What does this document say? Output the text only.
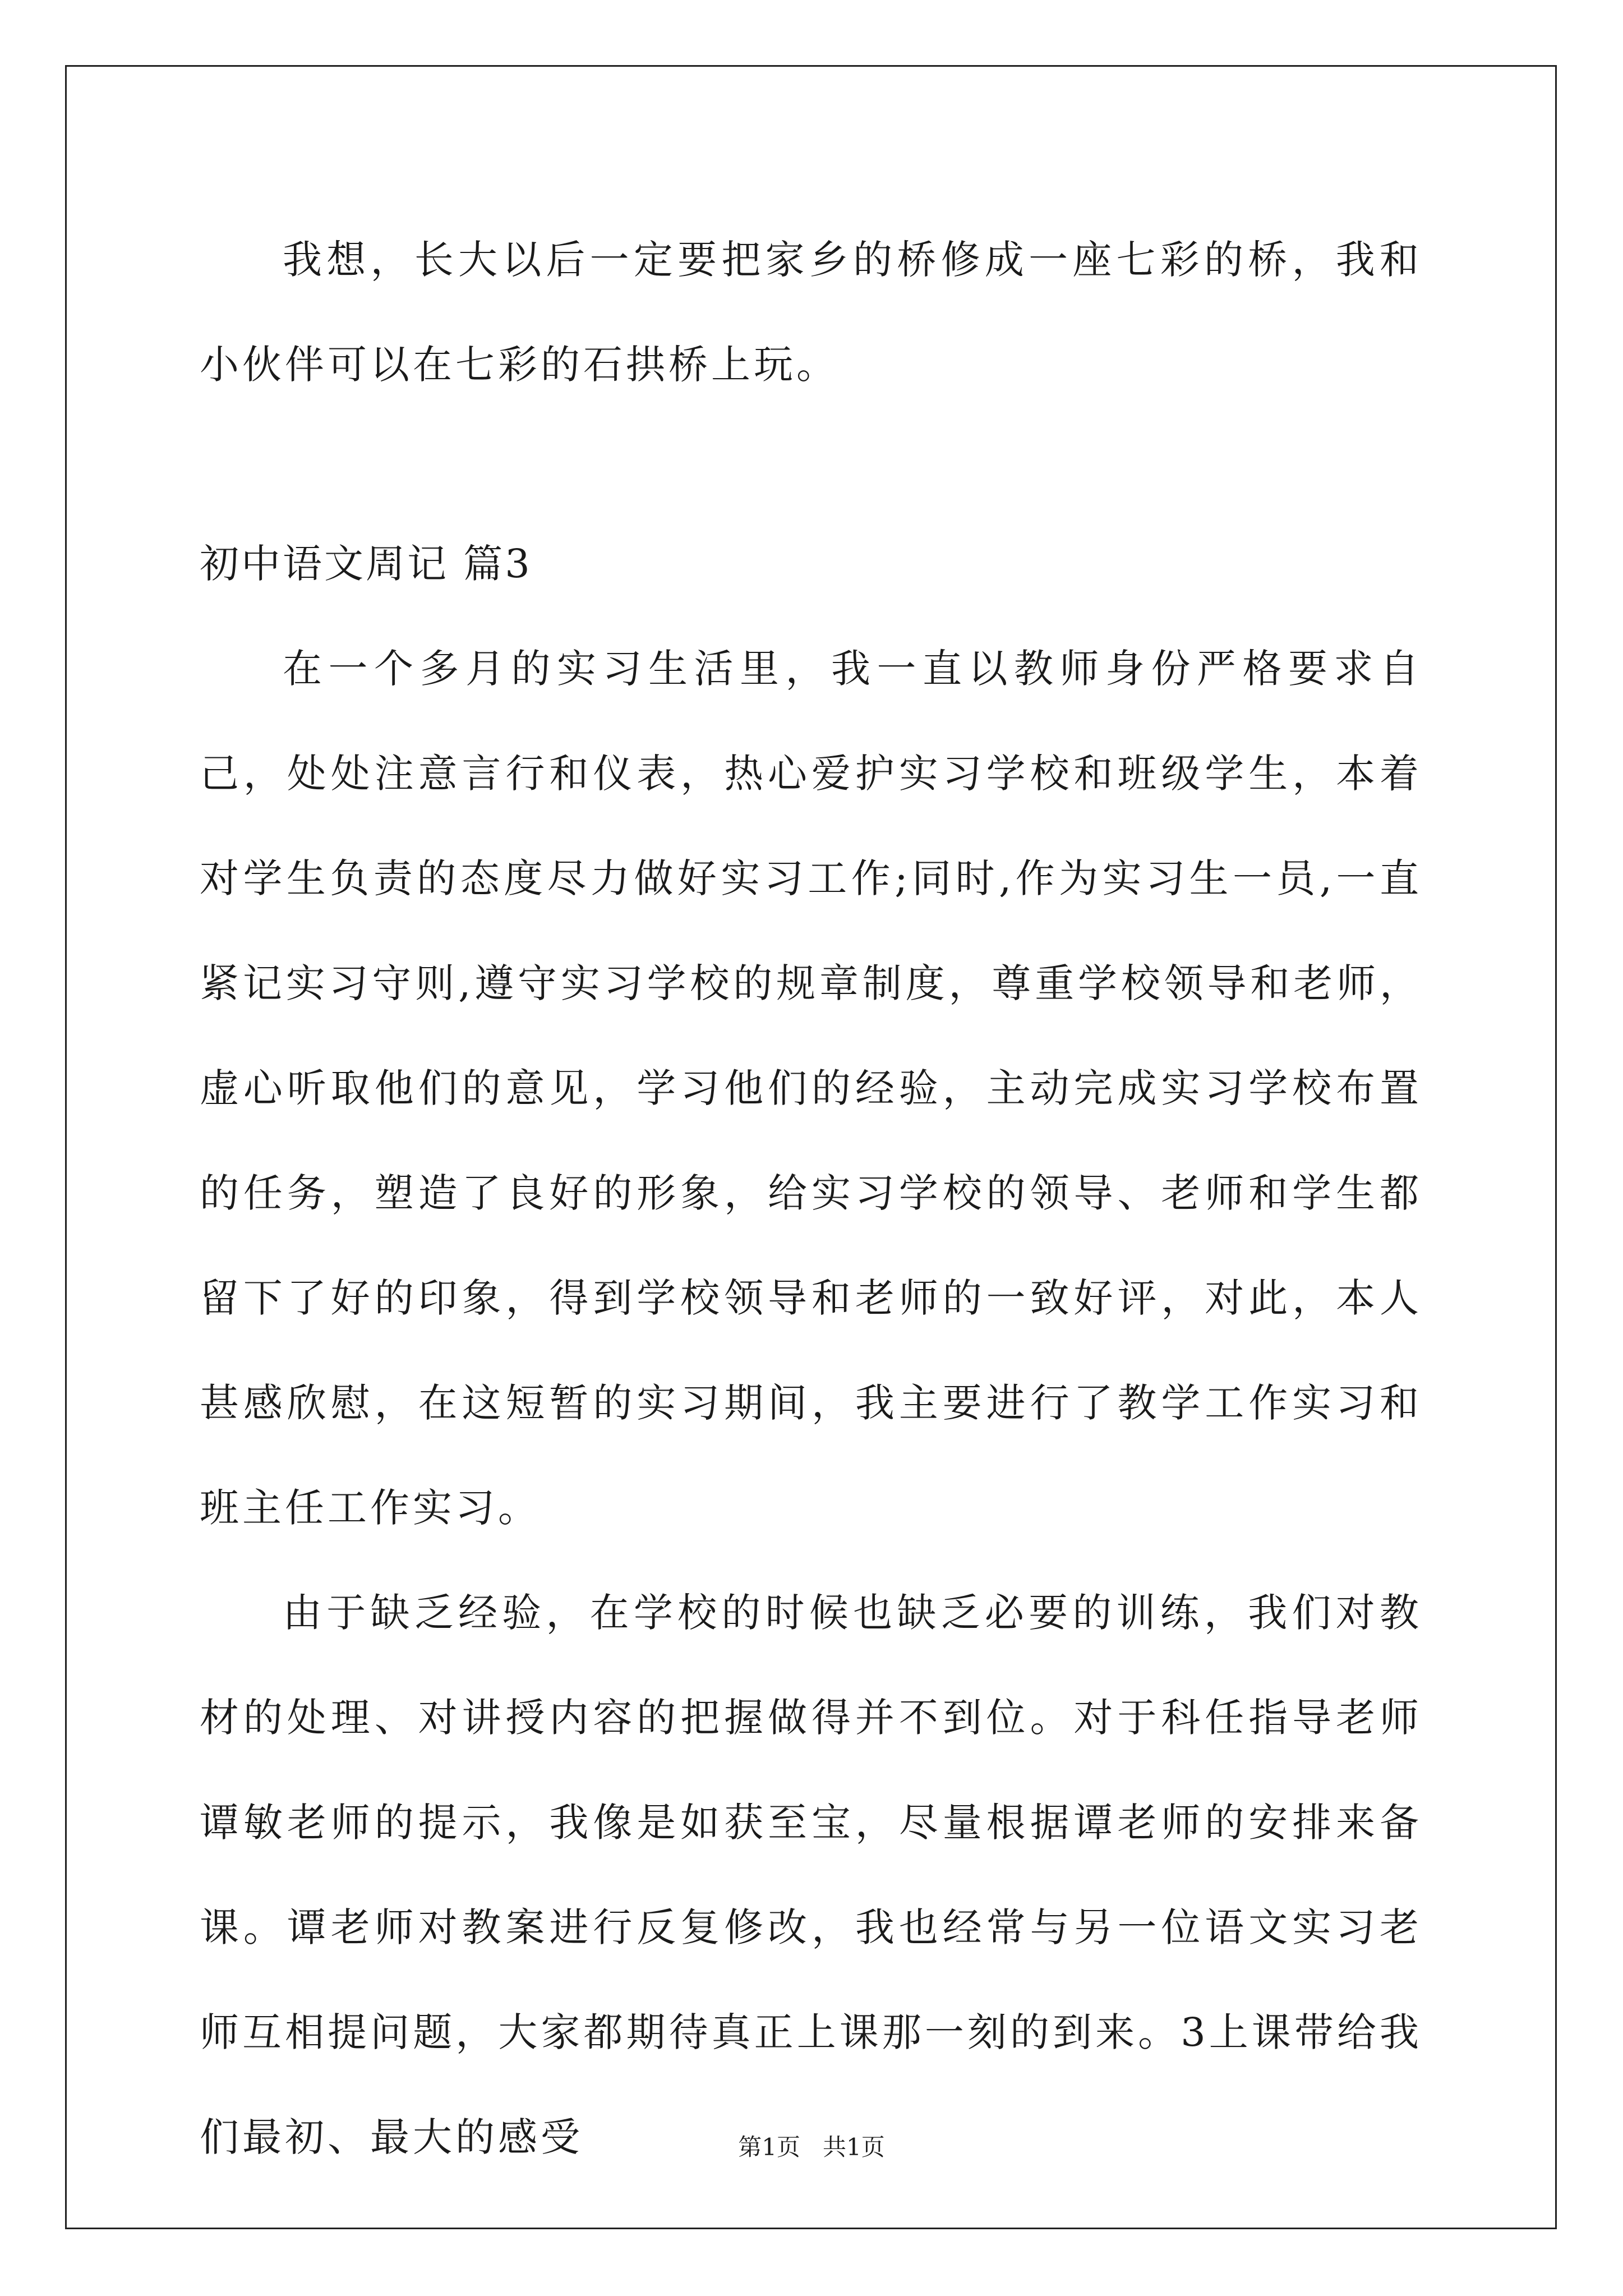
我想，长大以后一定要把家乡的桥修成一座七彩的桥，我和小伙伴可以在七彩的石拱桥上玩。

初中语文周记 篇3

在一个多月的实习生活里，我一直以教师身份严格要求自己，处处注意言行和仪表，热心爱护实习学校和班级学生，本着对学生负责的态度尽力做好实习工作;同时,作为实习生一员,一直紧记实习守则,遵守实习学校的规章制度，尊重学校领导和老师，虚心听取他们的意见，学习他们的经验，主动完成实习学校布置的任务，塑造了良好的形象，给实习学校的领导、老师和学生都留下了好的印象，得到学校领导和老师的一致好评，对此，本人甚感欣慰，在这短暂的实习期间，我主要进行了教学工作实习和班主任工作实习。

由于缺乏经验，在学校的时候也缺乏必要的训练，我们对教材的处理、对讲授内容的把握做得并不到位。对于科任指导老师谭敏老师的提示，我像是如获至宝，尽量根据谭老师的安排来备课。谭老师对教案进行反复修改，我也经常与另一位语文实习老师互相提问题，大家都期待真正上课那一刻的到来。3上课带给我们最初、最大的感受	第1页 共1页
